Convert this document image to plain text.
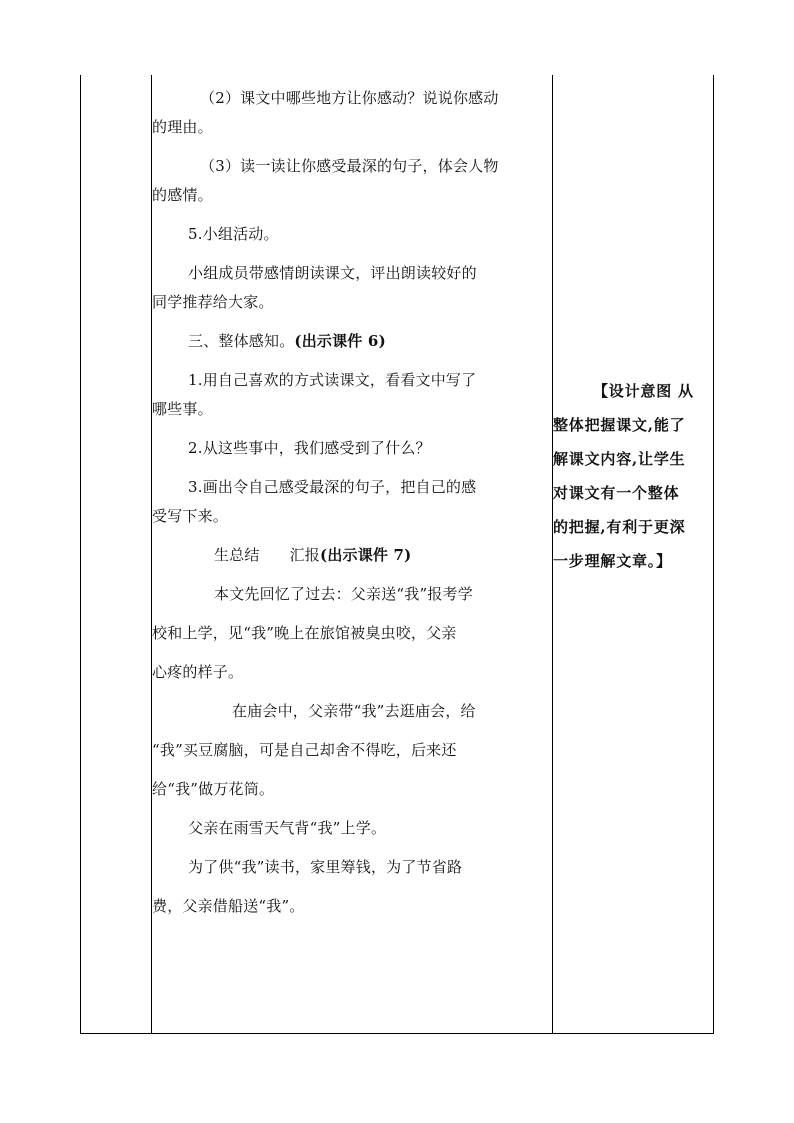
（2）课文中哪些地方让你感动？说说你感动

的理由。

（3）读一读让你感受最深的句子，体会人物

的感情。

5.小组活动。

小组成员带感情朗读课文，评出朗读较好的

同学推荐给大家。

三、整体感知。(出示课件 6)

1.用自己喜欢的方式读课文，看看文中写了

哪些事。

2.从这些事中，我们感受到了什么？

3.画出令自己感受最深的句子，把自己的感

受写下来。

生总结 汇报(出示课件 7)

本文先回忆了过去：父亲送“我”报考学

校和上学，见“我”晚上在旅馆被臭虫咬，父亲

心疼的样子。

在庙会中，父亲带“我”去逛庙会，给

“我”买豆腐脑，可是自己却舍不得吃，后来还

给“我”做万花筒。

父亲在雨雪天气背“我”上学。

为了供“我”读书，家里筹钱，为了节省路

费，父亲借船送“我”。

【设计意图 从

整体把握课文,能了

解课文内容,让学生

对课文有一个整体

的把握,有利于更深

一步理解文章。】
